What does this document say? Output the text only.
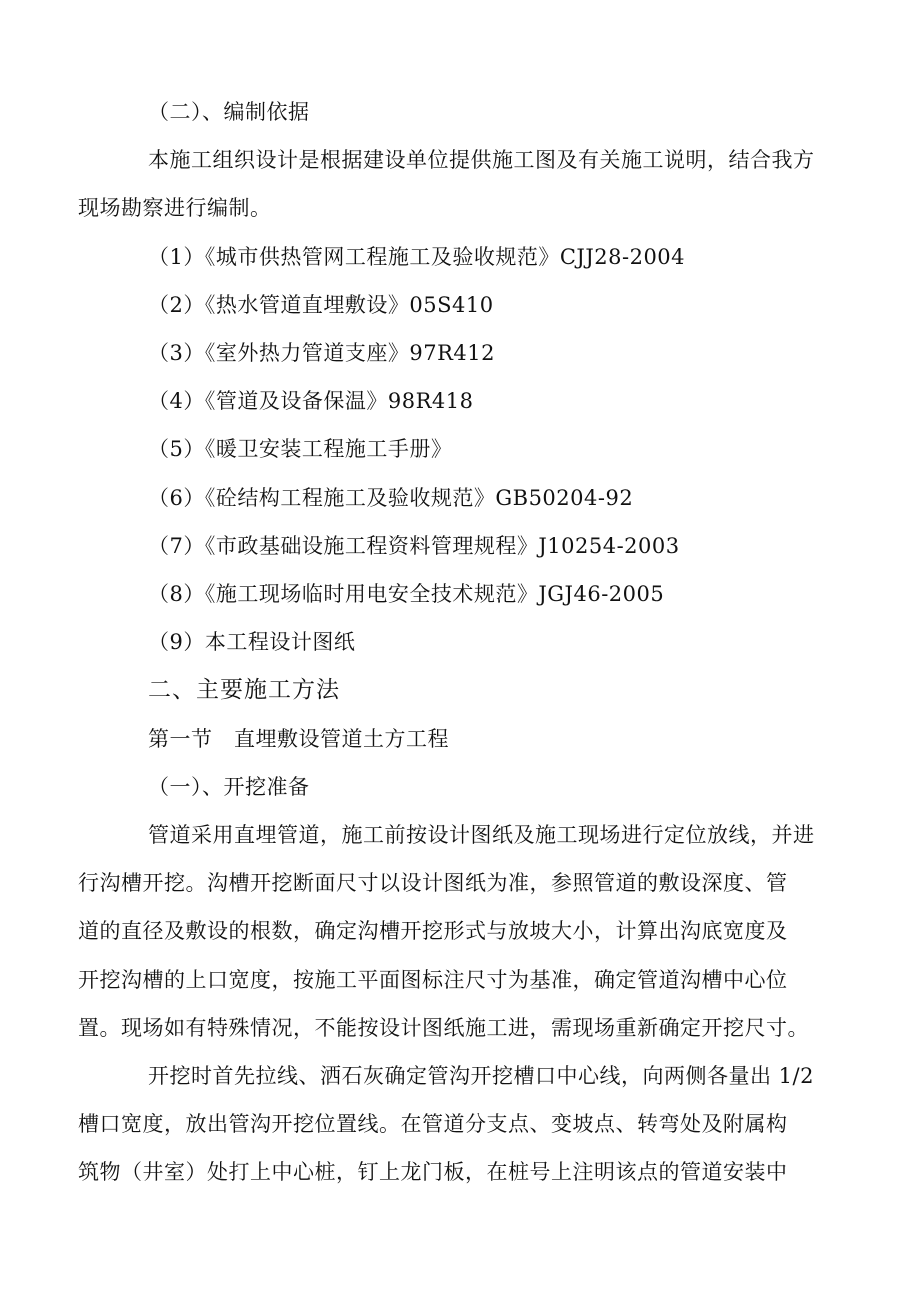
（二）、编制依据
本施工组织设计是根据建设单位提供施工图及有关施工说明，结合我方
现场勘察进行编制。
（1）《城市供热管网工程施工及验收规范》CJJ28-2004
（2）《热水管道直埋敷设》05S410
（3）《室外热力管道支座》97R412
（4）《管道及设备保温》98R418
（5）《暖卫安装工程施工手册》
（6）《砼结构工程施工及验收规范》GB50204-92
（7）《市政基础设施工程资料管理规程》J10254-2003
（8）《施工现场临时用电安全技术规范》JGJ46-2005
（9）本工程设计图纸
二、主要施工方法
第一节　直埋敷设管道土方工程
（一）、开挖准备
管道采用直埋管道，施工前按设计图纸及施工现场进行定位放线，并进
行沟槽开挖。沟槽开挖断面尺寸以设计图纸为准，参照管道的敷设深度、管
道的直径及敷设的根数，确定沟槽开挖形式与放坡大小，计算出沟底宽度及
开挖沟槽的上口宽度，按施工平面图标注尺寸为基准，确定管道沟槽中心位
置。现场如有特殊情况，不能按设计图纸施工进，需现场重新确定开挖尺寸。
开挖时首先拉线、洒石灰确定管沟开挖槽口中心线，向两侧各量出 1/2
槽口宽度，放出管沟开挖位置线。在管道分支点、变坡点、转弯处及附属构
筑物（井室）处打上中心桩，钉上龙门板，在桩号上注明该点的管道安装中
